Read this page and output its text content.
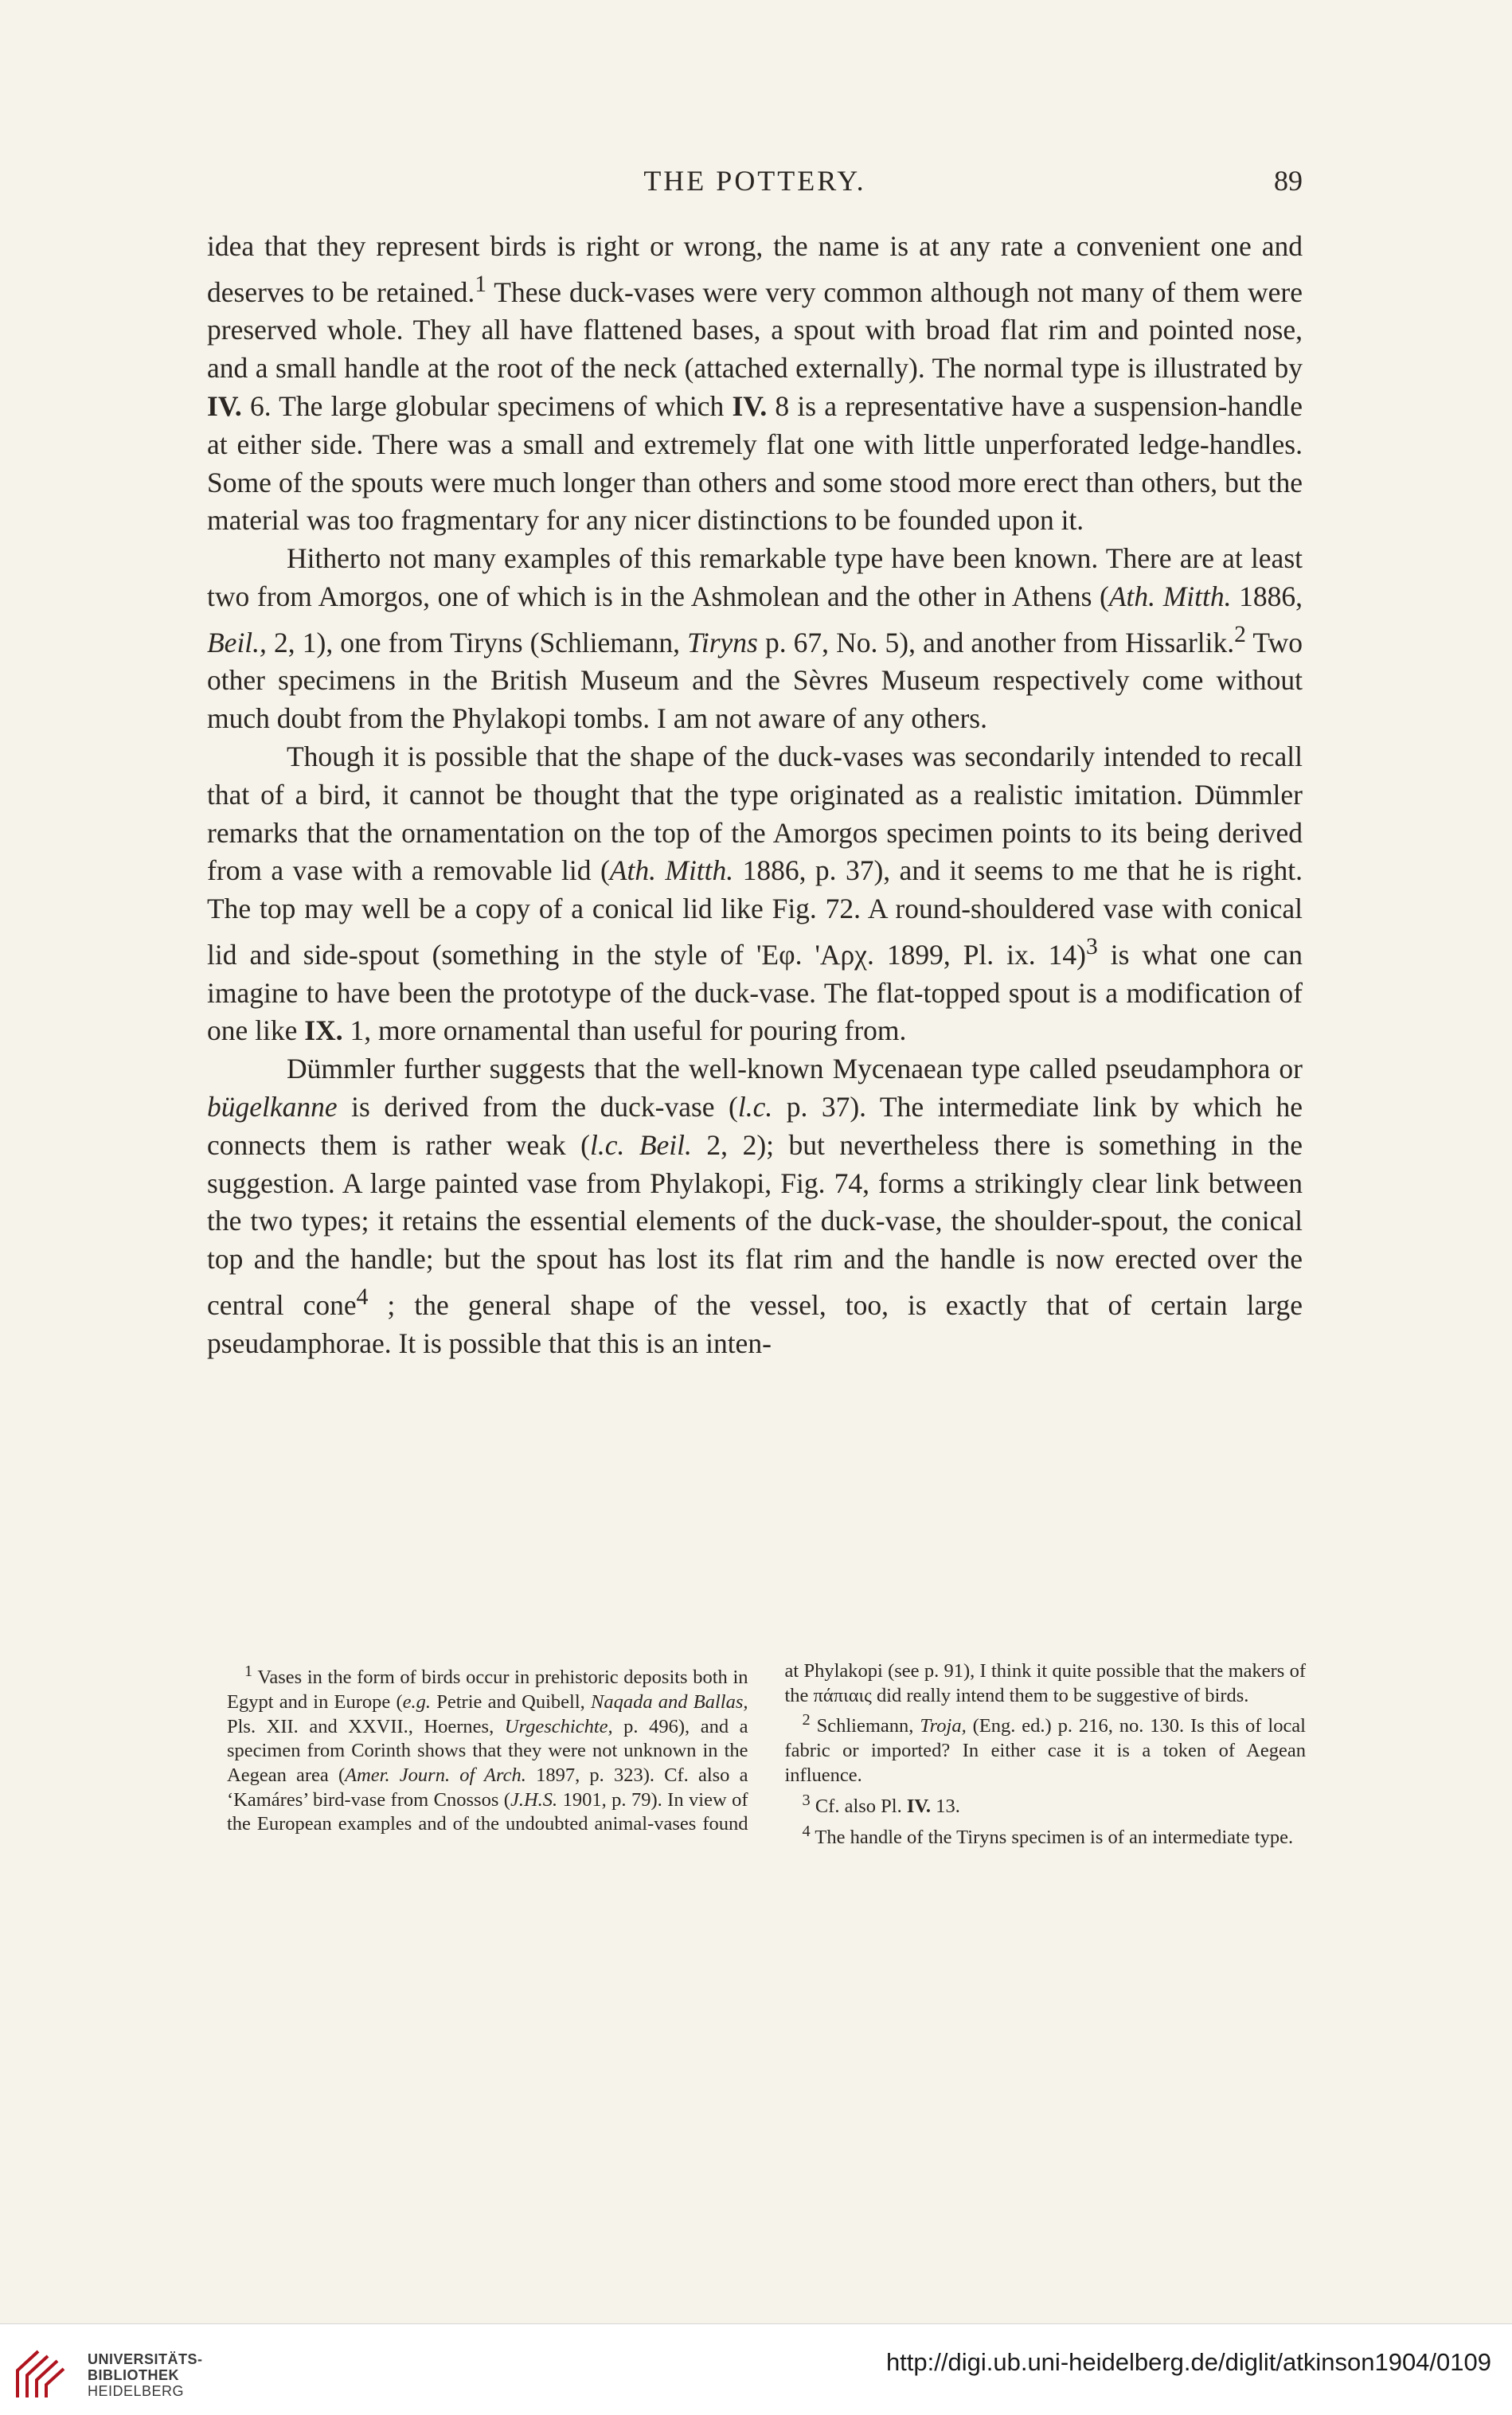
THE POTTERY.	89

idea that they represent birds is right or wrong, the name is at any rate a convenient one and deserves to be retained.$^1$ These duck-vases were very common although not many of them were preserved whole. They all have flattened bases, a spout with broad flat rim and pointed nose, and a small handle at the root of the neck (attached externally). The normal type is illustrated by IV. 6. The large globular specimens of which IV. 8 is a representative have a suspension-handle at either side. There was a small and extremely flat one with little unperforated ledge-handles. Some of the spouts were much longer than others and some stood more erect than others, but the material was too fragmentary for any nicer distinctions to be founded upon it.

Hitherto not many examples of this remarkable type have been known. There are at least two from Amorgos, one of which is in the Ashmolean and the other in Athens (Ath. Mitth. 1886, Beil., 2, 1), one from Tiryns (Schliemann, Tiryns p. 67, No. 5), and another from Hissarlik.$^2$ Two other specimens in the British Museum and the Sèvres Museum respectively come without much doubt from the Phylakopi tombs. I am not aware of any others.

Though it is possible that the shape of the duck-vases was secondarily intended to recall that of a bird, it cannot be thought that the type originated as a realistic imitation. Dümmler remarks that the ornamentation on the top of the Amorgos specimen points to its being derived from a vase with a removable lid (Ath. Mitth. 1886, p. 37), and it seems to me that he is right. The top may well be a copy of a conical lid like Fig. 72. A round-shouldered vase with conical lid and side-spout (something in the style of 'Εφ. 'Αρχ. 1899, Pl. ix. 14)$^3$ is what one can imagine to have been the prototype of the duck-vase. The flat-topped spout is a modification of one like IX. 1, more ornamental than useful for pouring from.

Dümmler further suggests that the well-known Mycenaean type called pseudamphora or bügelkanne is derived from the duck-vase (l.c. p. 37). The intermediate link by which he connects them is rather weak (l.c. Beil. 2, 2); but nevertheless there is something in the suggestion. A large painted vase from Phylakopi, Fig. 74, forms a strikingly clear link between the two types; it retains the essential elements of the duck-vase, the shoulder-spout, the conical top and the handle; but the spout has lost its flat rim and the handle is now erected over the central cone$^4$ ; the general shape of the vessel, too, is exactly that of certain large pseudamphorae. It is possible that this is an inten-

$^1$ Vases in the form of birds occur in prehistoric deposits both in Egypt and in Europe (e.g. Petrie and Quibell, Naqada and Ballas, Pls. XII. and XXVII., Hoernes, Urgeschichte, p. 496), and a specimen from Corinth shows that they were not unknown in the Aegean area (Amer. Journ. of Arch. 1897, p. 323). Cf. also a ‘Kamáres’ bird-vase from Cnossos (J.H.S. 1901, p. 79). In view of the European examples and of the undoubted animal-vases found at Phylakopi (see p. 91), I think it quite possible that the makers of the πάπιαις did really intend them to be suggestive of birds.

$^2$ Schliemann, Troja, (Eng. ed.) p. 216, no. 130. Is this of local fabric or imported? In either case it is a token of Aegean influence.

$^3$ Cf. also Pl. IV. 13.

$^4$ The handle of the Tiryns specimen is of an intermediate type.

UNIVERSITÄTS-
BIBLIOTHEK
HEIDELBERG
http://digi.ub.uni-heidelberg.de/diglit/atkinson1904/0109
